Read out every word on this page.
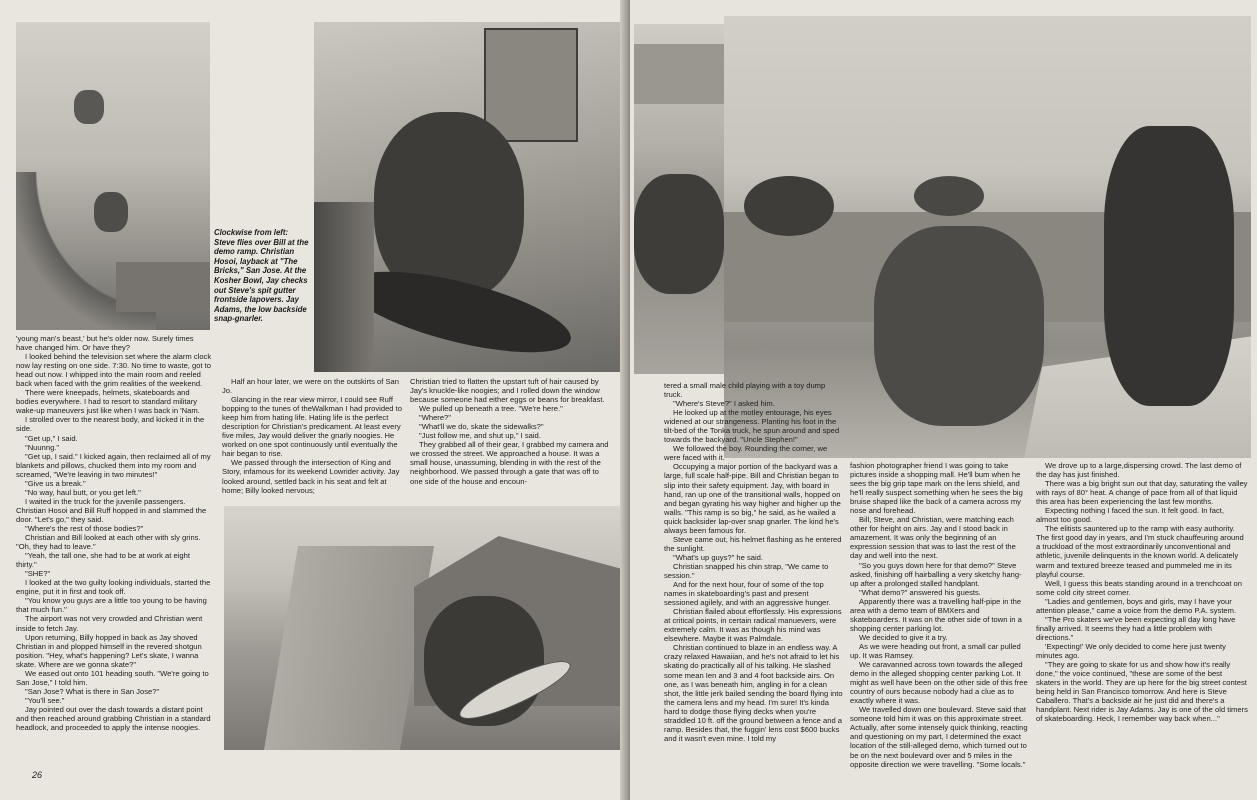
Clockwise from left: Steve flies over Bill at the demo ramp. Christian Hosoi, layback at "The Bricks," San Jose. At the Kosher Bowl, Jay checks out Steve's spit gutter frontside lapovers. Jay Adams, the low backside snap-gnarler.

'young man's beast,' but he's older now. Surely times have changed him. Or have they?

I looked behind the television set where the alarm clock now lay resting on one side. 7:30. No time to waste, got to head out now. I whipped into the main room and reeled back when faced with the grim realities of the weekend.

There were kneepads, helmets, skateboards and bodies everywhere. I had to resort to standard military wake-up maneuvers just like when I was back in 'Nam.

I strolled over to the nearest body, and kicked it in the side.

"Get up," I said.

"Nuunng."

"Get up, I said." I kicked again, then reclaimed all of my blankets and pillows, chucked them into my room and screamed, "We're leaving in two minutes!"

"Give us a break."

"No way, haul butt, or you get left."

I waited in the truck for the juvenile passengers. Christian Hosoi and Bill Ruff hopped in and slammed the door. "Let's go," they said.

"Where's the rest of those bodies?"

Christian and Bill looked at each other with sly grins. "Oh, they had to leave."

"Yeah, the tall one, she had to be at work at eight thirty."

"SHE?"

I looked at the two guilty looking individuals, started the engine, put it in first and took off.

"You know you guys are a little too young to be having that much fun."

The airport was not very crowded and Christian went inside to fetch Jay.

Upon returning, Billy hopped in back as Jay shoved Christian in and plopped himself in the revered shotgun position. "Hey, what's happening? Let's skate, I wanna skate. Where are we gonna skate?"

We eased out onto 101 heading south. "We're going to San Jose," I told him.

"San Jose? What is there in San Jose?"

"You'll see."

Jay pointed out over the dash towards a distant point and then reached around grabbing Christian in a standard headlock, and proceeded to apply the intense noogies.

Half an hour later, we were on the outskirts of San Jo.

Glancing in the rear view mirror, I could see Ruff bopping to the tunes of theWalkman I had provided to keep him from hating life. Hating life is the perfect description for Christian's predicament. At least every five miles, Jay would deliver the gnarly noogies. He worked on one spot continuously until eventually the hair began to rise.

We passed through the intersection of King and Story, infamous for its weekend Lowrider activity. Jay looked around, settled back in his seat and felt at home; Billy looked nervous;

Christian tried to flatten the upstart tuft of hair caused by Jay's knuckle-like noogies; and I rolled down the window because someone had either eggs or beans for breakfast.

We pulled up beneath a tree. "We're here."

"Where?"

"What'll we do, skate the sidewalks?"

"Just follow me, and shut up," I said.

They grabbed all of their gear, I grabbed my camera and we crossed the street. We approached a house. It was a small house, unassuming, blending in with the rest of the neighborhood. We passed through a gate that was off to one side of the house and encoun-

26

tered a small male child playing with a toy dump truck.

"Where's Steve?" I asked him.

He looked up at the motley entourage, his eyes widened at our strangeness. Planting his foot in the tilt-bed of the Tonka truck, he spun around and sped towards the backyard. "Uncle Stephen!"

We followed the boy. Rounding the corner, we were faced with it.

Occupying a major portion of the backyard was a large, full scale half-pipe. Bill and Christian began to slip into their safety equipment. Jay, with board in hand, ran up one of the transitional walls, hopped on and began gyrating his way higher and higher up the walls. "This ramp is so big," he said, as he wailed a quick backsider lap-over snap gnarler. The kind he's always been famous for.

Steve came out, his helmet flashing as he entered the sunlight.

"What's up guys?" he said.

Christian snapped his chin strap, "We came to session."

And for the next hour, four of some of the top names in skateboarding's past and present sessioned agilely, and with an aggressive hunger.

Christian flailed about effortlessly. His expressions at critical points, in certain radical manuevers, were extremely calm. It was as though his mind was elsewhere. Maybe it was Palmdale.

Christian continued to blaze in an endless way. A crazy relaxed Hawaiian, and he's not afraid to let his skating do practically all of his talking. He slashed some mean Ien and 3 and 4 foot backside airs. On one, as I was beneath him, angling in for a clean shot, the little jerk bailed sending the board flying into the camera lens and my head. I'm sure! It's kinda hard to dodge those flying decks when you're straddled 10 ft. off the ground between a fence and a ramp. Besides that, the fuggin' lens cost $600 bucks and it wasn't even mine. I told my

fashion photographer friend I was going to take pictures inside a shopping mall. He'll bum when he sees the big grip tape mark on the lens shield, and he'll really suspect something when he sees the big bruise shaped like the back of a camera across my nose and forehead.

Bill, Steve, and Christian, were matching each other for height on airs. Jay and I stood back in amazement. It was only the beginning of an expression session that was to last the rest of the day and well into the next.

"So you guys down here for that demo?" Steve asked, finishing off hairballing a very sketchy hang-up after a prolonged stalled handplant.

"What demo?" answered his guests.

Apparently there was a travelling half-pipe in the area with a demo team of BMXers and skateboarders. It was on the other side of town in a shopping center parking lot.

We decided to give it a try.

As we were heading out front, a small car pulled up. It was Ramsey.

We caravanned across town towards the alleged demo in the alleged shopping center parking Lot. It might as well have been on the other side of this free country of ours because nobody had a clue as to exactly where it was.

We travelled down one boulevard. Steve said that someone told him it was on this approximate street. Actually, after some intensely quick thinking, reacting and questioning on my part, I determined the exact location of the still-alleged demo, which turned out to be on the next boulevard over and 5 miles in the opposite direction we were travelling. "Some locals."

We drove up to a large,dispersing crowd. The last demo of the day has just finished.

There was a big bright sun out that day, saturating the valley with rays of 80° heat. A change of pace from all of that liquid this area has been experiencing the last few months.

Expecting nothing I faced the sun. It felt good. In fact, almost too good.

The elitists sauntered up to the ramp with easy authority. The first good day in years, and I'm stuck chauffeuring around a truckload of the most extraordinarily unconventional and athletic, juvenile delinquents in the known world. A delicately warm and textured breeze teased and pummeled me in its playful course.

Well, I guess this beats standing around in a trenchcoat on some cold city street corner.

"Ladies and gentlemen, boys and girls, may I have your attention please," came a voice from the demo P.A. system.

"The Pro skaters we've been expecting all day long have finally arrived. It seems they had a little problem with directions."

'Expecting!' We only decided to come here just twenty minutes ago.

"They are going to skate for us and show how it's really done," the voice continued, "these are some of the best skaters in the world. They are up here for the big street contest being held in San Francisco tomorrow. And here is Steve Caballero. That's a backside air he just did and there's a handplant. Next rider is Jay Adams. Jay is one of the old timers of skateboarding. Heck, I remember way back when..."
